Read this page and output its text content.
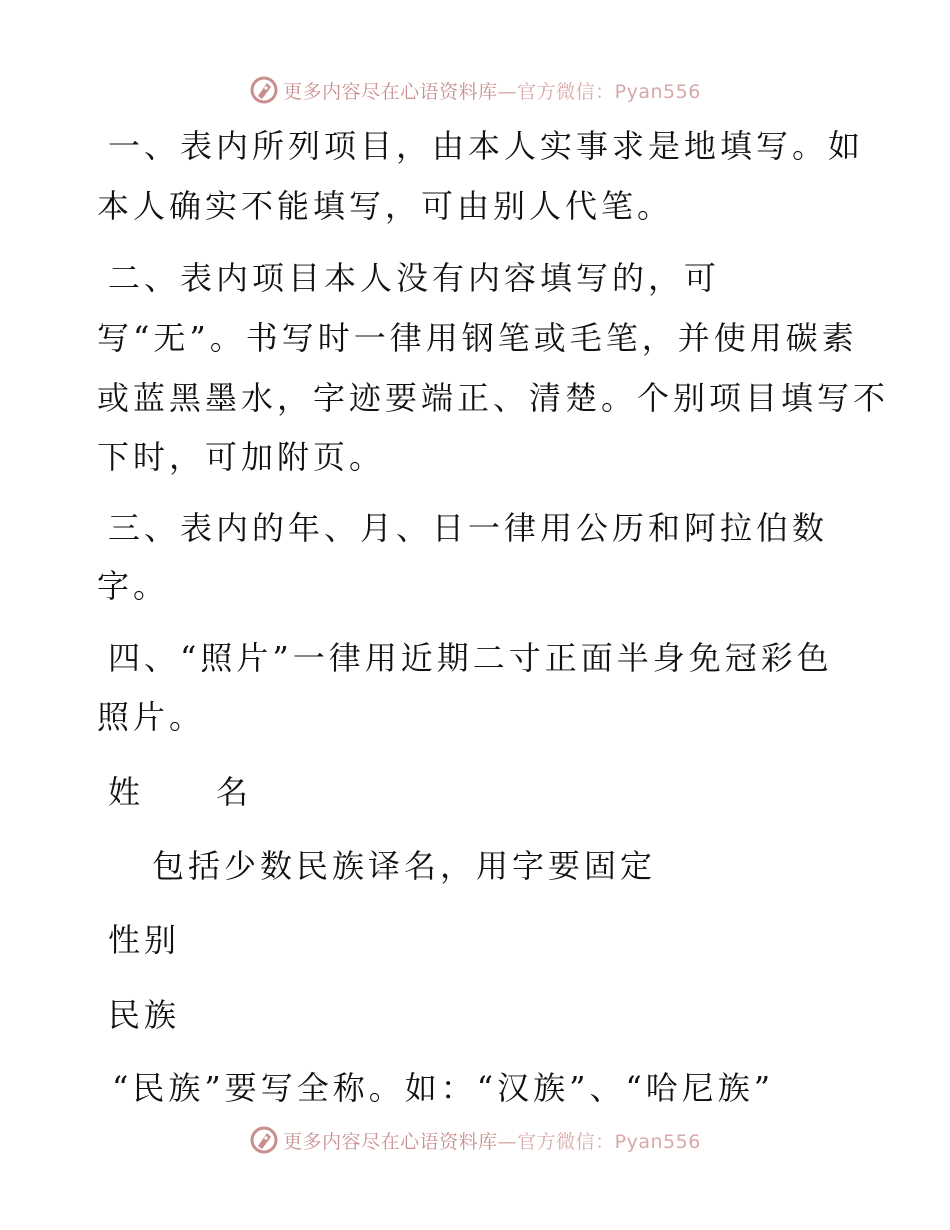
更多内容尽在心语资料库—官方微信：Pyan556
一、表内所列项目，由本人实事求是地填写。如
本人确实不能填写，可由别人代笔。
二、表内项目本人没有内容填写的，可
写“无”。书写时一律用钢笔或毛笔，并使用碳素
或蓝黑墨水，字迹要端正、清楚。个别项目填写不
下时，可加附页。
三、表内的年、月、日一律用公历和阿拉伯数
字。
四、“照片”一律用近期二寸正面半身免冠彩色
照片。
姓　　名
包括少数民族译名，用字要固定
性别
民族
“民族”要写全称。如：“汉族”、“哈尼族”
更多内容尽在心语资料库—官方微信：Pyan556
